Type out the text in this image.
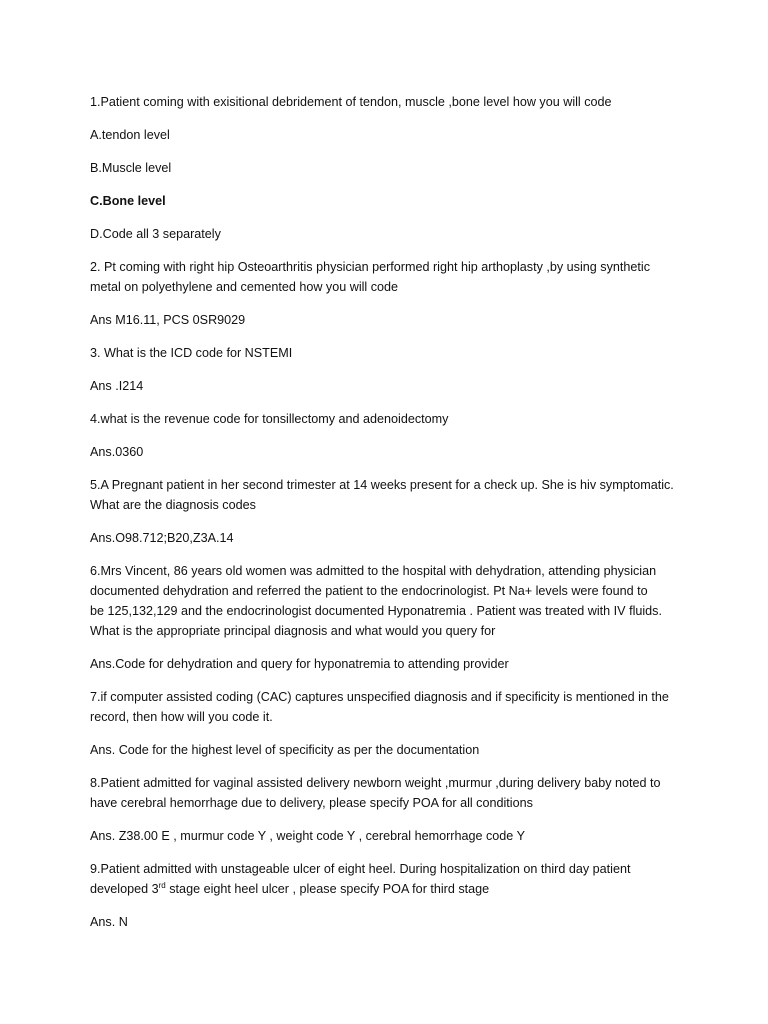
1.Patient coming with exisitional debridement of tendon, muscle ,bone level how you will code

A.tendon level

B.Muscle level

C.Bone level

D.Code all 3 separately

2. Pt coming with right hip Osteoarthritis physician performed right hip arthoplasty ,by using synthetic
metal on polyethylene and cemented how you will code

Ans M16.11, PCS 0SR9029

3. What is the ICD code for NSTEMI

Ans .I214

4.what is the revenue code for tonsillectomy and adenoidectomy

Ans.0360

5.A Pregnant patient in her second trimester at 14 weeks present for a check up. She is hiv symptomatic.
What are the diagnosis codes

Ans.O98.712;B20,Z3A.14

6.Mrs Vincent, 86 years old women was admitted to the hospital with dehydration, attending physician
documented dehydration and referred the patient to the endocrinologist. Pt Na+ levels were found to
be 125,132,129 and the endocrinologist documented Hyponatremia . Patient was treated with IV fluids.
What is the appropriate principal diagnosis and what would you query for

Ans.Code for dehydration and query for hyponatremia to attending provider

7.if computer assisted coding (CAC) captures unspecified diagnosis and if specificity is mentioned in the
record, then how will you code it.

Ans. Code for the highest level of specificity as per the documentation

8.Patient admitted for vaginal assisted delivery newborn weight ,murmur ,during delivery baby noted to
have cerebral hemorrhage due to delivery, please specify POA for all conditions

Ans. Z38.00 E , murmur code Y , weight code Y , cerebral hemorrhage code Y

9.Patient admitted with unstageable ulcer of eight heel. During hospitalization on third day patient
developed 3rd stage eight heel ulcer , please specify POA for third stage

Ans. N
